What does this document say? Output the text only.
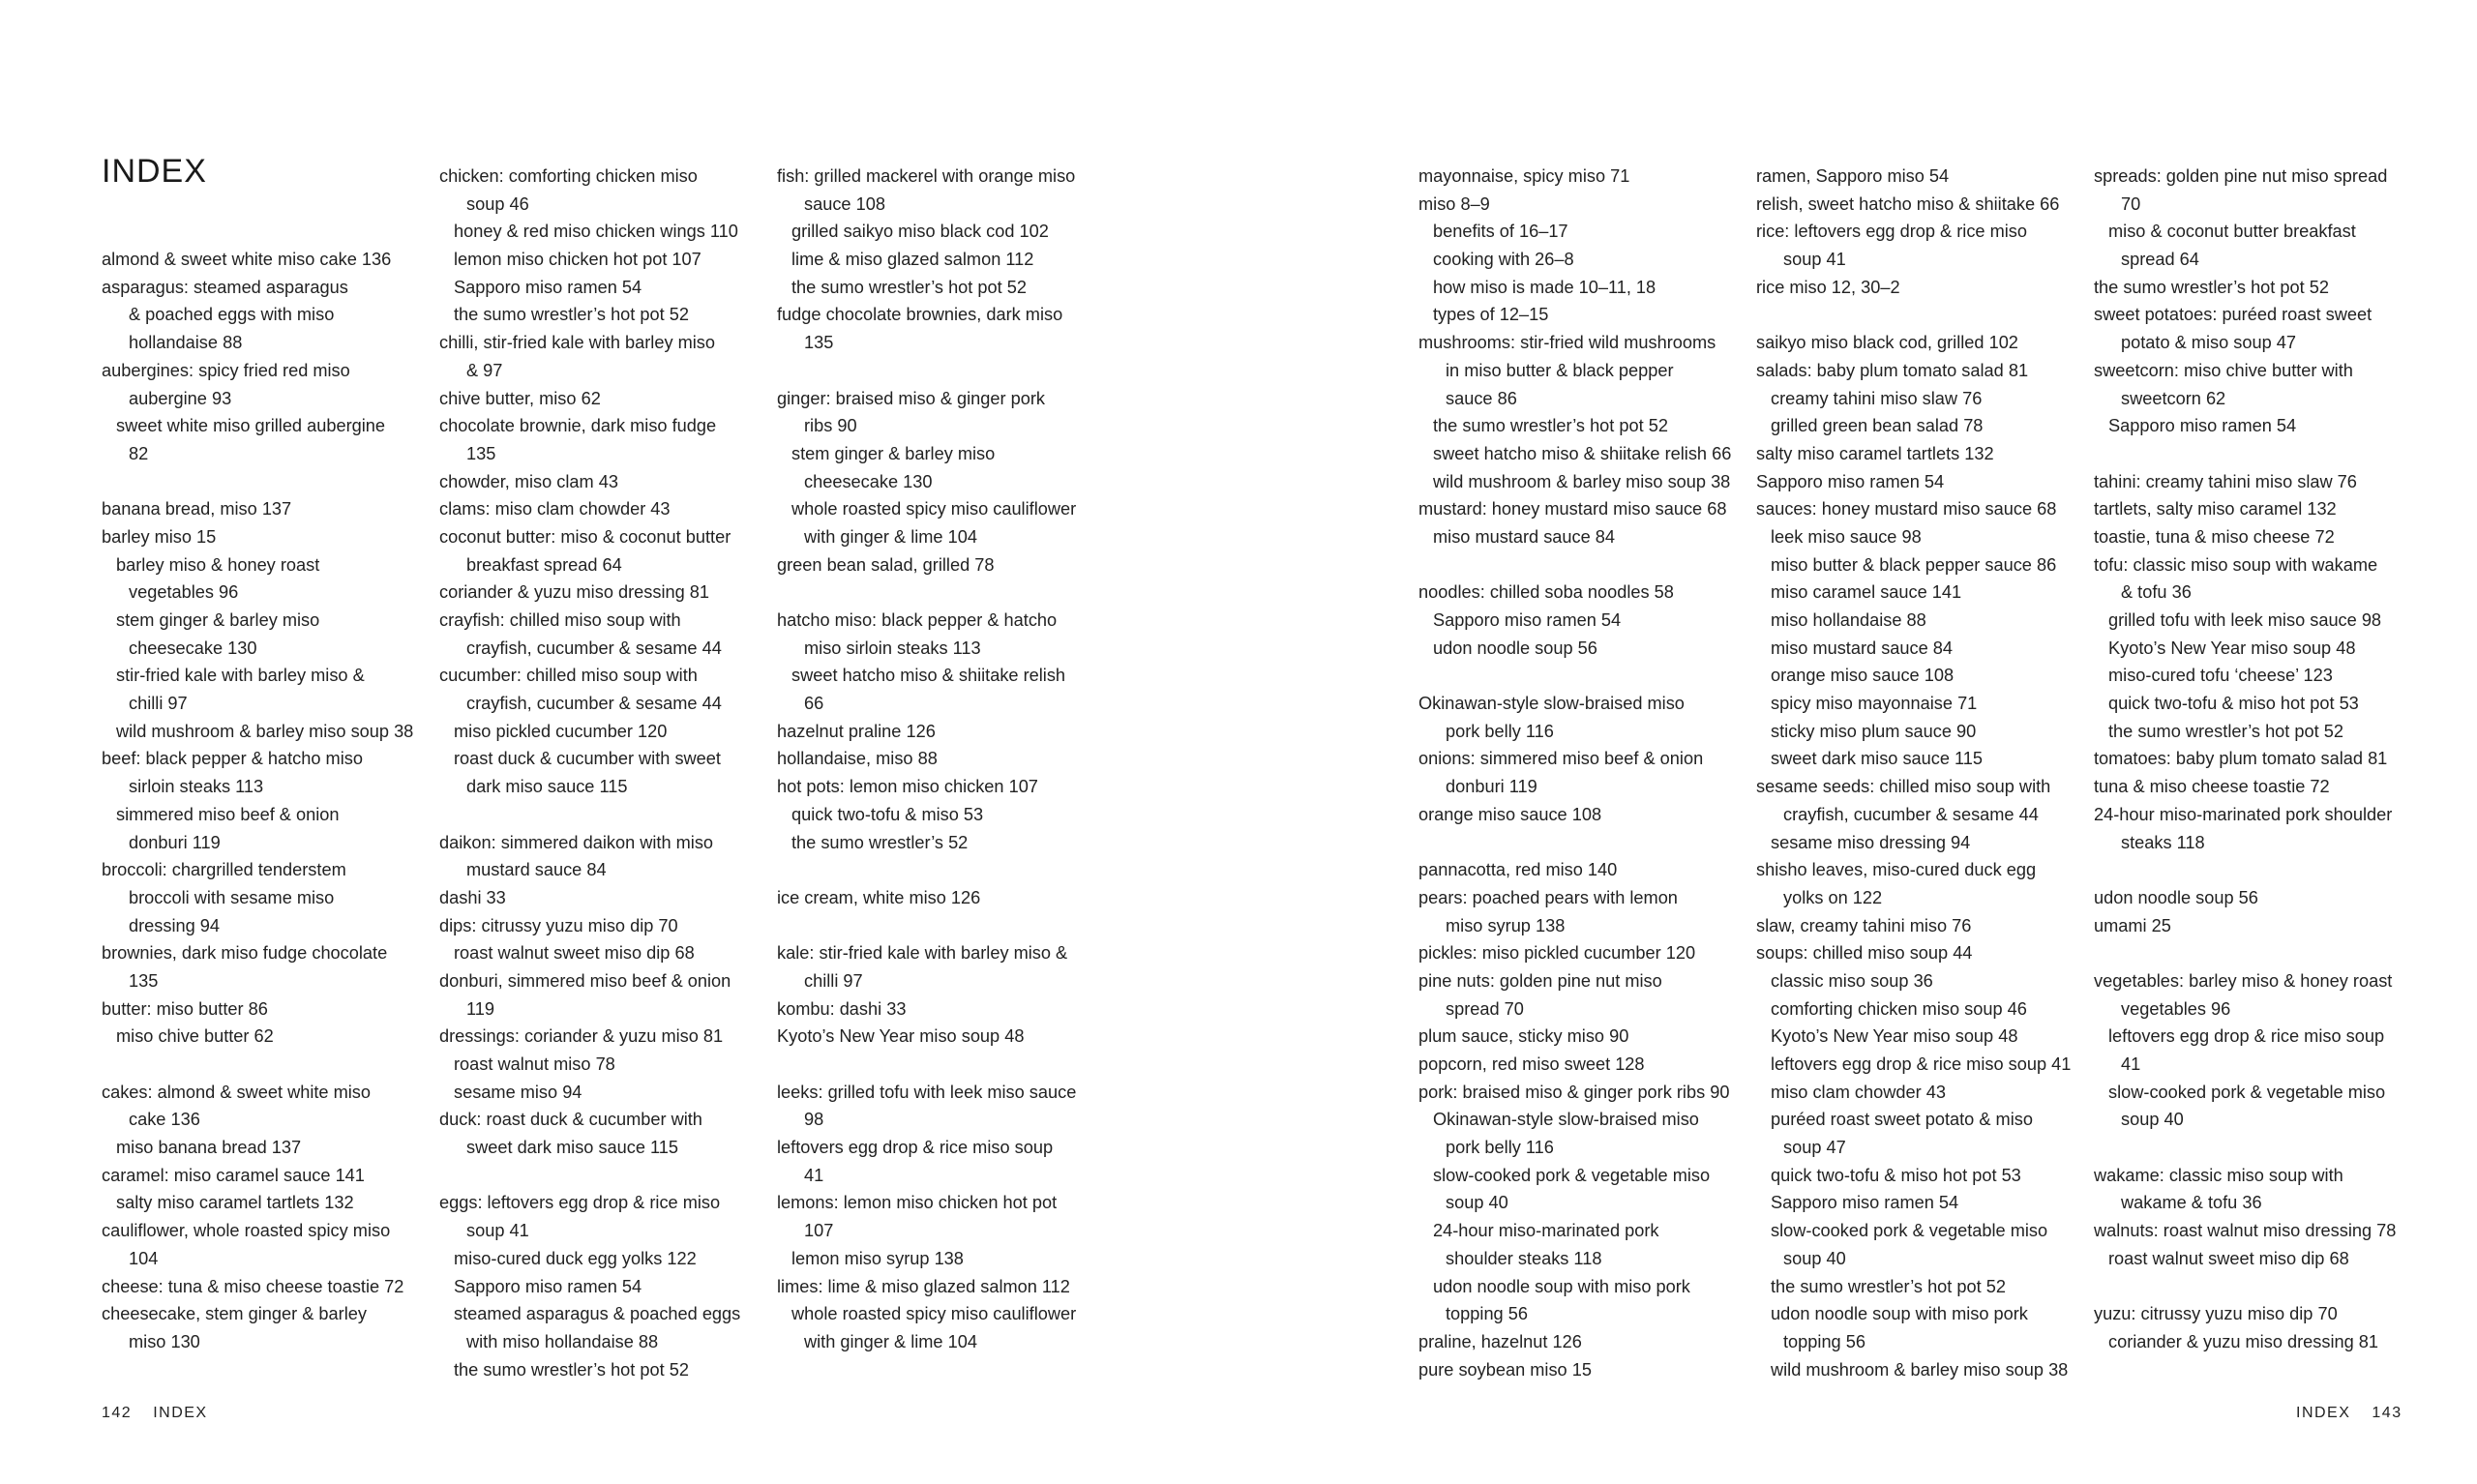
INDEX
almond & sweet white miso cake 136
asparagus: steamed asparagus
& poached eggs with miso
hollandaise 88
aubergines: spicy fried red miso
aubergine 93
sweet white miso grilled aubergine
82
banana bread, miso 137
barley miso 15
barley miso & honey roast
vegetables 96
stem ginger & barley miso
cheesecake 130
stir-fried kale with barley miso &
chilli 97
wild mushroom & barley miso soup 38
beef: black pepper & hatcho miso
sirloin steaks 113
simmered miso beef & onion
donburi 119
broccoli: chargrilled tenderstem
broccoli with sesame miso
dressing 94
brownies, dark miso fudge chocolate
135
butter: miso butter 86
miso chive butter 62
cakes: almond & sweet white miso
cake 136
miso banana bread 137
caramel: miso caramel sauce 141
salty miso caramel tartlets 132
cauliflower, whole roasted spicy miso
104
cheese: tuna & miso cheese toastie 72
cheesecake, stem ginger & barley
miso 130
chicken: comforting chicken miso
soup 46
honey & red miso chicken wings 110
lemon miso chicken hot pot 107
Sapporo miso ramen 54
the sumo wrestler’s hot pot 52
chilli, stir-fried kale with barley miso
& 97
chive butter, miso 62
chocolate brownie, dark miso fudge
135
chowder, miso clam 43
clams: miso clam chowder 43
coconut butter: miso & coconut butter
breakfast spread 64
coriander & yuzu miso dressing 81
crayfish: chilled miso soup with
crayfish, cucumber & sesame 44
cucumber: chilled miso soup with
crayfish, cucumber & sesame 44
miso pickled cucumber 120
roast duck & cucumber with sweet
dark miso sauce 115
daikon: simmered daikon with miso
mustard sauce 84
dashi 33
dips: citrussy yuzu miso dip 70
roast walnut sweet miso dip 68
donburi, simmered miso beef & onion
119
dressings: coriander & yuzu miso 81
roast walnut miso 78
sesame miso 94
duck: roast duck & cucumber with
sweet dark miso sauce 115
eggs: leftovers egg drop & rice miso
soup 41
miso-cured duck egg yolks 122
Sapporo miso ramen 54
steamed asparagus & poached eggs
with miso hollandaise 88
the sumo wrestler’s hot pot 52
fish: grilled mackerel with orange miso
sauce 108
grilled saikyo miso black cod 102
lime & miso glazed salmon 112
the sumo wrestler’s hot pot 52
fudge chocolate brownies, dark miso
135
ginger: braised miso & ginger pork
ribs 90
stem ginger & barley miso
cheesecake 130
whole roasted spicy miso cauliflower
with ginger & lime 104
green bean salad, grilled 78
hatcho miso: black pepper & hatcho
miso sirloin steaks 113
sweet hatcho miso & shiitake relish
66
hazelnut praline 126
hollandaise, miso 88
hot pots: lemon miso chicken 107
quick two-tofu & miso 53
the sumo wrestler’s 52
ice cream, white miso 126
kale: stir-fried kale with barley miso &
chilli 97
kombu: dashi 33
Kyoto’s New Year miso soup 48
leeks: grilled tofu with leek miso sauce
98
leftovers egg drop & rice miso soup
41
lemons: lemon miso chicken hot pot
107
lemon miso syrup 138
limes: lime & miso glazed salmon 112
whole roasted spicy miso cauliflower
with ginger & lime 104
mayonnaise, spicy miso 71
miso 8–9
benefits of 16–17
cooking with 26–8
how miso is made 10–11, 18
types of 12–15
mushrooms: stir-fried wild mushrooms
in miso butter & black pepper
sauce 86
the sumo wrestler’s hot pot 52
sweet hatcho miso & shiitake relish 66
wild mushroom & barley miso soup 38
mustard: honey mustard miso sauce 68
miso mustard sauce 84
noodles: chilled soba noodles 58
Sapporo miso ramen 54
udon noodle soup 56
Okinawan-style slow-braised miso
pork belly 116
onions: simmered miso beef & onion
donburi 119
orange miso sauce 108
pannacotta, red miso 140
pears: poached pears with lemon
miso syrup 138
pickles: miso pickled cucumber 120
pine nuts: golden pine nut miso
spread 70
plum sauce, sticky miso 90
popcorn, red miso sweet 128
pork: braised miso & ginger pork ribs 90
Okinawan-style slow-braised miso
pork belly 116
slow-cooked pork & vegetable miso
soup 40
24-hour miso-marinated pork
shoulder steaks 118
udon noodle soup with miso pork
topping 56
praline, hazelnut 126
pure soybean miso 15
ramen, Sapporo miso 54
relish, sweet hatcho miso & shiitake 66
rice: leftovers egg drop & rice miso
soup 41
rice miso 12, 30–2
saikyo miso black cod, grilled 102
salads: baby plum tomato salad 81
creamy tahini miso slaw 76
grilled green bean salad 78
salty miso caramel tartlets 132
Sapporo miso ramen 54
sauces: honey mustard miso sauce 68
leek miso sauce 98
miso butter & black pepper sauce 86
miso caramel sauce 141
miso hollandaise 88
miso mustard sauce 84
orange miso sauce 108
spicy miso mayonnaise 71
sticky miso plum sauce 90
sweet dark miso sauce 115
sesame seeds: chilled miso soup with
crayfish, cucumber & sesame 44
sesame miso dressing 94
shisho leaves, miso-cured duck egg
yolks on 122
slaw, creamy tahini miso 76
soups: chilled miso soup 44
classic miso soup 36
comforting chicken miso soup 46
Kyoto’s New Year miso soup 48
leftovers egg drop & rice miso soup 41
miso clam chowder 43
puréed roast sweet potato & miso
soup 47
quick two-tofu & miso hot pot 53
Sapporo miso ramen 54
slow-cooked pork & vegetable miso
soup 40
the sumo wrestler’s hot pot 52
udon noodle soup with miso pork
topping 56
wild mushroom & barley miso soup 38
spreads: golden pine nut miso spread
70
miso & coconut butter breakfast
spread 64
the sumo wrestler’s hot pot 52
sweet potatoes: puréed roast sweet
potato & miso soup 47
sweetcorn: miso chive butter with
sweetcorn 62
Sapporo miso ramen 54
tahini: creamy tahini miso slaw 76
tartlets, salty miso caramel 132
toastie, tuna & miso cheese 72
tofu: classic miso soup with wakame
& tofu 36
grilled tofu with leek miso sauce 98
Kyoto’s New Year miso soup 48
miso-cured tofu ‘cheese’ 123
quick two-tofu & miso hot pot 53
the sumo wrestler’s hot pot 52
tomatoes: baby plum tomato salad 81
tuna & miso cheese toastie 72
24-hour miso-marinated pork shoulder
steaks 118
udon noodle soup 56
umami 25
vegetables: barley miso & honey roast
vegetables 96
leftovers egg drop & rice miso soup
41
slow-cooked pork & vegetable miso
soup 40
wakame: classic miso soup with
wakame & tofu 36
walnuts: roast walnut miso dressing 78
roast walnut sweet miso dip 68
yuzu: citrussy yuzu miso dip 70
coriander & yuzu miso dressing 81
142 INDEX	INDEX 143
